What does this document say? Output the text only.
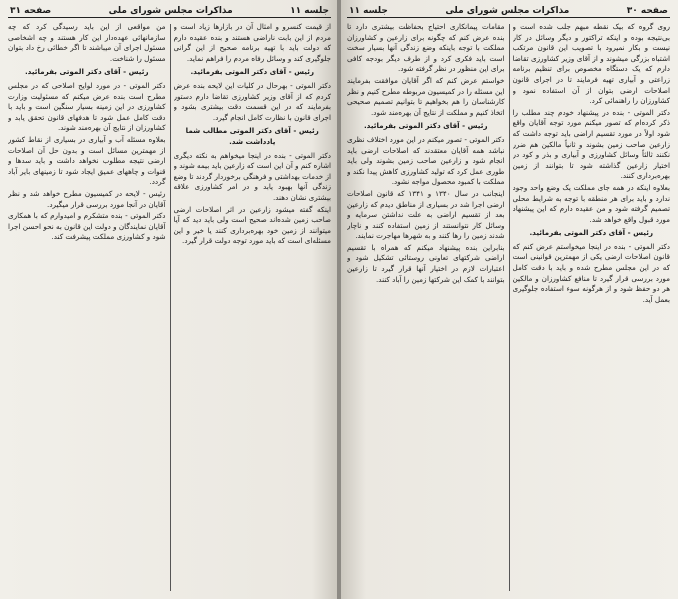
صفحه ۳۰
مذاکرات مجلس شورای ملی
جلسه ۱۱

روی گروه که بیک نقطه مبهم جلب شده است و بی‌نتیجه بوده و اینکه تراکتور و دیگر وسائل در کار نیست و بکار نمیرود با تصویب این قانون مرتکب اشتباه بزرگی میشوند و از آقای وزیر کشاورزی تقاضا دارم که یک دستگاه مخصوص برای تنظیم برنامه زراعتی و آبیاری تهیه فرمایند تا در اجرای قانون اصلاحات ارضی بتوان از آن استفاده نمود و کشاورزان را راهنمائی کرد.

دکتر الموتی - بنده در پیشنهاد خودم چند مطلب را ذکر کرده‌ام که تصور میکنم مورد توجه آقایان واقع شود اولاً در مورد تقسیم اراضی باید توجه داشت که زارعین صاحب زمین بشوند و ثانیاً مالکین هم ضرر نکنند ثالثاً وسائل کشاورزی و آبیاری و بذر و کود در اختیار زارعین گذاشته شود تا بتوانند از زمین بهره‌برداری کنند.

بعلاوه اینکه در همه جای مملکت یک وضع واحد وجود ندارد و باید برای هر منطقه با توجه به شرایط محلی تصمیم گرفته شود و من عقیده دارم که این پیشنهاد مورد قبول واقع خواهد شد.

رئیس - آقای دکتر الموتی بفرمائید.

دکتر الموتی - بنده در اینجا میخواستم عرض کنم که قانون اصلاحات ارضی یکی از مهمترین قوانینی است که در این مجلس مطرح شده و باید با دقت کامل مورد بررسی قرار گیرد تا منافع کشاورزان و مالکین هر دو حفظ شود و از هرگونه سوء استفاده جلوگیری بعمل آید.

مقامات پیمانکاری احتیاج بحفاظت بیشتری دارد تا بنده عرض کنم که چگونه برای زارعین و کشاورزان مملکت با توجه باینکه وضع زندگی آنها بسیار سخت است باید فکری کرد و از طرف دیگر بودجه کافی برای این منظور در نظر گرفته شود.

خواستم عرض کنم که اگر آقایان موافقت بفرمایند این مسئله را در کمیسیون مربوطه مطرح کنیم و نظر کارشناسان را هم بخواهیم تا بتوانیم تصمیم صحیحی اتخاذ کنیم و مملکت از نتایج آن بهره‌مند شود.

رئیس - آقای دکتر الموتی بفرمائید.

دکتر الموتی - تصور میکنم در این مورد اختلاف نظری نباشد همه آقایان معتقدند که اصلاحات ارضی باید انجام شود و زارعین صاحب زمین بشوند ولی باید طوری عمل کرد که تولید کشاورزی کاهش پیدا نکند و مملکت با کمبود محصول مواجه نشود.

اینجانب در سال ۱۳۴۰ و ۱۳۴۱ که قانون اصلاحات ارضی اجرا شد در بسیاری از مناطق دیدم که زارعین بعد از تقسیم اراضی به علت نداشتن سرمایه و وسائل کار نتوانستند از زمین استفاده کنند و ناچار شدند زمین را رها کنند و به شهرها مهاجرت نمایند.

بنابراین بنده پیشنهاد میکنم که همراه با تقسیم اراضی شرکتهای تعاونی روستائی تشکیل شود و اعتبارات لازم در اختیار آنها قرار گیرد تا زارعین بتوانند با کمک این شرکتها زمین را آباد کنند.

جلسه ۱۱
مذاکرات مجلس شورای ملی
صفحه ۳۱

از قیمت کنسرو و امثال آن در بازارها زیاد است و مردم از این بابت ناراضی هستند و بنده عقیده دارم که دولت باید با تهیه برنامه صحیح از این گرانی جلوگیری کند و وسائل رفاه مردم را فراهم نماید.

رئیس - آقای دکتر الموتی بفرمائید.

دکتر الموتی - بهرحال در کلیات این لایحه بنده عرض کردم که از آقای وزیر کشاورزی تقاضا دارم دستور بفرمایند که در این قسمت دقت بیشتری بشود و اجرای قانون با نظارت کامل انجام گیرد.

رئیس - آقای دکتر الموتی مطالب شما یادداشت شد.

دکتر الموتی - بنده در اینجا میخواهم به نکته دیگری اشاره کنم و آن این است که زارعین باید بیمه شوند و از خدمات بهداشتی و فرهنگی برخوردار گردند تا وضع زندگی آنها بهبود یابد و در امر کشاورزی علاقه بیشتری نشان دهند.

اینکه گفته میشود زارعین در اثر اصلاحات ارضی صاحب زمین شده‌اند صحیح است ولی باید دید که آیا میتوانند از زمین خود بهره‌برداری کنند یا خیر و این مسئله‌ای است که باید مورد توجه دولت قرار گیرد.

من مواقعی از این باید رسیدگی کرد که چه سازمانهائی عهده‌دار این کار هستند و چه اشخاصی مسئول اجرای آن میباشند تا اگر خطائی رخ داد بتوان مسئول را شناخت.

رئیس - آقای دکتر الموتی بفرمائید.

دکتر الموتی - در مورد لوایح اصلاحی که در مجلس مطرح است بنده عرض میکنم که مسئولیت وزارت کشاورزی در این زمینه بسیار سنگین است و باید با دقت کامل عمل شود تا هدفهای قانون تحقق یابد و کشاورزان از نتایج آن بهره‌مند شوند.

بعلاوه مسئله آب و آبیاری در بسیاری از نقاط کشور از مهمترین مسائل است و بدون حل آن اصلاحات ارضی نتیجه مطلوب نخواهد داشت و باید سدها و قنوات و چاههای عمیق ایجاد شود تا زمینهای بایر آباد گردد.

رئیس - لایحه در کمیسیون مطرح خواهد شد و نظر آقایان در آنجا مورد بررسی قرار میگیرد.

دکتر الموتی - بنده متشکرم و امیدوارم که با همکاری آقایان نمایندگان و دولت این قانون به نحو احسن اجرا شود و کشاورزی مملکت پیشرفت کند.
